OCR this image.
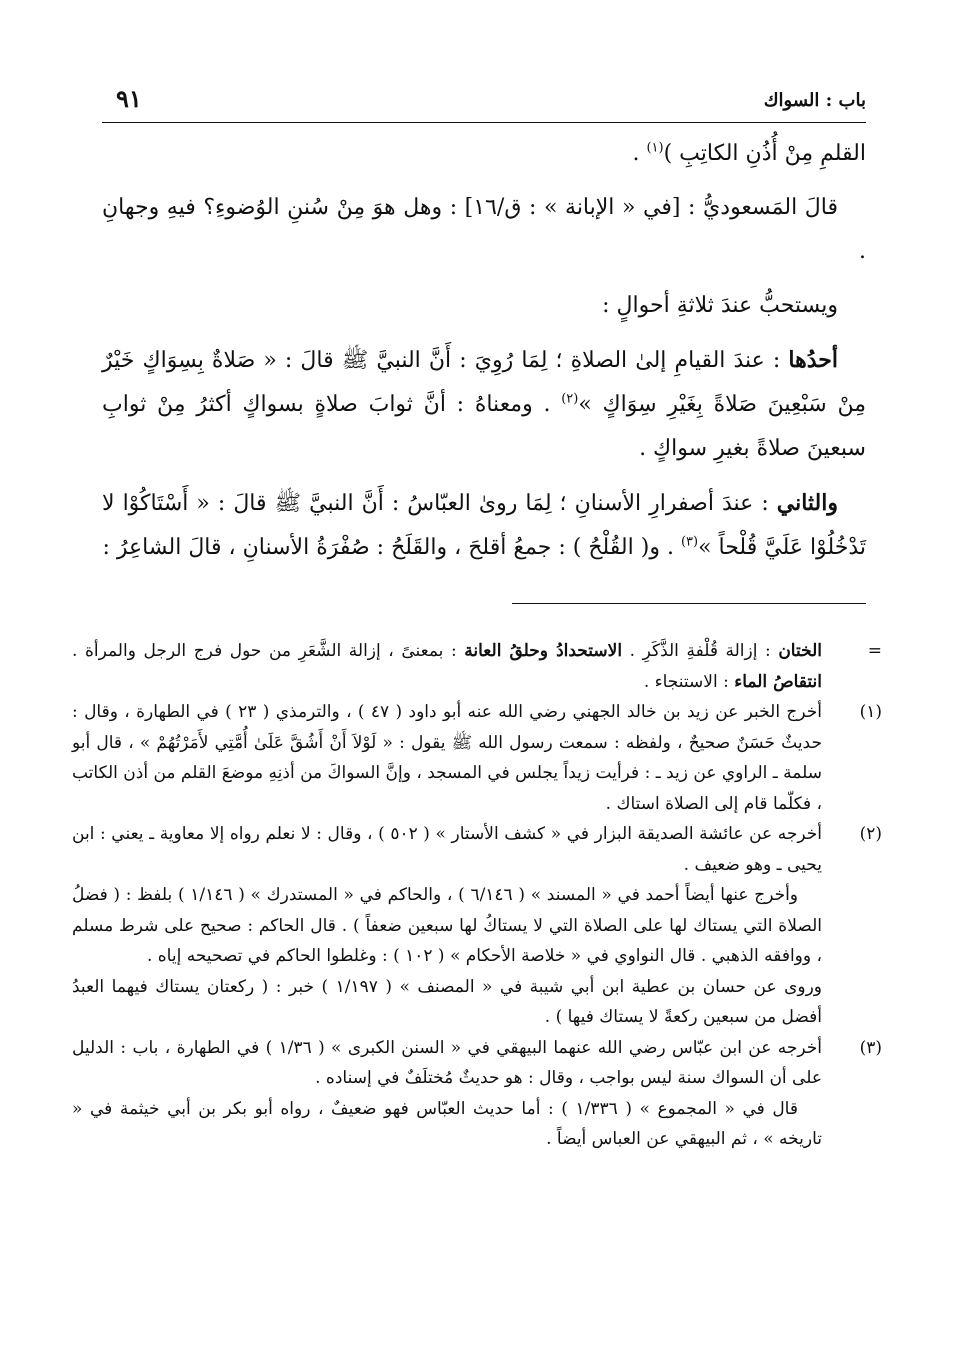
باب : السواك
٩١

القلمِ مِنْ أُذُنِ الكاتِبِ )$^{(١)}$ .

قالَ المَسعوديُّ : [في « الإبانة » : ق/١٦] : وهل هوَ مِنْ سُننِ الوُضوءِ؟ فيهِ وجهانِ .

ويستحبُّ عندَ ثلاثةِ أحوالٍ :

أحدُها : عندَ القيامِ إلىٰ الصلاةِ ؛ لِمَا رُوِيَ : أَنَّ النبيَّ ﷺ قالَ : « صَلاةٌ بِسِوَاكٍ خَيْرٌ مِنْ سَبْعِينَ صَلاةً بِغَيْرِ سِوَاكٍ »$^{(٢)}$ . ومعناهُ : أنَّ ثوابَ صلاةٍ بسواكٍ أكثرُ مِنْ ثوابِ سبعينَ صلاةً بغيرِ سواكٍ .

والثاني : عندَ أصفرارِ الأسنانِ ؛ لِمَا روىٰ العبّاسُ : أَنَّ النبيَّ ﷺ قالَ : « أَسْتَاكُوْا لا تَدْخُلُوْا عَلَيَّ قُلْحاً »$^{(٣)}$ . و( القُلْحُ ) : جمعُ أقلحَ ، والقَلَحُ : صُفْرَةُ الأسنانِ ، قالَ الشاعِرُ :

=

الختان : إزالة قُلْفةِ الذَّكَرِ . الاستحدادُ وحلقُ العانة : بمعنىً ، إزالة الشَّعَرِ من حول فرج الرجل والمرأة . انتقاصُ الماء : الاستنجاء .

(١)

أخرج الخبر عن زيد بن خالد الجهني رضي الله عنه أبو داود ( ٤٧ ) ، والترمذي ( ٢٣ ) في الطهارة ، وقال : حديثٌ حَسَنٌ صحيحٌ ، ولفظه : سمعت رسول الله ﷺ يقول : « لَوْلاَ أَنْ أَشُقَّ عَلَىٰ أُمَّتِي لأَمَرْتُهُمْ » ، قال أبو سلمة ـ الراوي عن زيد ـ : فرأيت زيداً يجلس في المسجد ، وإنَّ السواكَ من أذنِهِ موضعَ القلم من أذن الكاتب ، فكلّما قام إلى الصلاة استاك .

(٢)

أخرجه عن عائشة الصديقة البزار في « كشف الأستار » ( ٥٠٢ ) ، وقال : لا نعلم رواه إلا معاوية ـ يعني : ابن يحيى ـ وهو ضعيف .

وأخرج عنها أيضاً أحمد في « المسند » ( ٦/١٤٦ ) ، والحاكم في « المستدرك » ( ١/١٤٦ ) بلفظ : ( فضلُ الصلاة التي يستاك لها على الصلاة التي لا يستاكُ لها سبعين ضعفاً ) . قال الحاكم : صحيح على شرط مسلم ، ووافقه الذهبي . قال النواوي في « خلاصة الأحكام » ( ١٠٢ ) : وغلطوا الحاكم في تصحيحه إياه .

وروى عن حسان بن عطية ابن أبي شيبة في « المصنف » ( ١/١٩٧ ) خبر : ( ركعتان يستاك فيهما العبدُ أفضل من سبعين ركعةً لا يستاك فيها ) .

(٣)

أخرجه عن ابن عبّاس رضي الله عنهما البيهقي في « السنن الكبرى » ( ١/٣٦ ) في الطهارة ، باب : الدليل على أن السواك سنة ليس بواجب ، وقال : هو حديثٌ مُختلَفٌ في إسناده .

قال في « المجموع » ( ١/٣٣٦ ) : أما حديث العبّاس فهو ضعيفٌ ، رواه أبو بكر بن أبي خيثمة في « تاريخه » ، ثم البيهقي عن العباس أيضاً .
